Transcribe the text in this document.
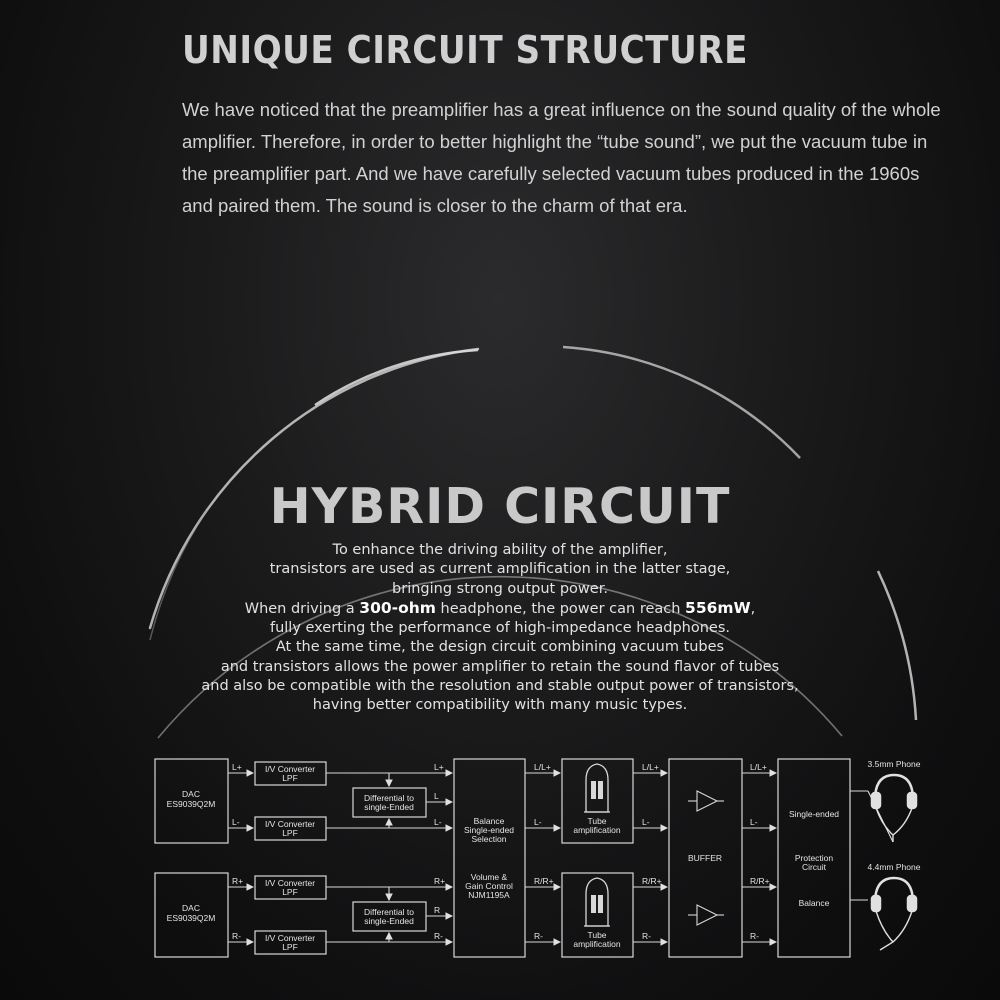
UNIQUE CIRCUIT STRUCTURE

We have noticed that the preamplifier has a great influence on the sound quality of the whole amplifier. Therefore, in order to better highlight the “tube sound”, we put the vacuum tube in the preamplifier part. And we have carefully selected vacuum tubes produced in the 1960s and paired them. The sound is closer to the charm of that era.

HYBRID CIRCUIT
To enhance the driving ability of the amplifier,
transistors are used as current amplification in the latter stage,
bringing strong output power.
When driving a 300-ohm headphone, the power can reach 556mW,
fully exerting the performance of high-impedance headphones.
At the same time, the design circuit combining vacuum tubes
and transistors allows the power amplifier to retain the sound flavor of tubes
and also be compatible with the resolution and stable output power of transistors,
having better compatibility with many music types.
DAC
ES9039Q2M
DAC
ES9039Q2M
I/V Converter
LPF
I/V Converter
LPF
I/V Converter
LPF
I/V Converter
LPF
Differential to
single-Ended
Differential to
single-Ended
Balance
Single-ended
Selection
Volume &
Gain Control
NJM1195A
Tube
amplification
Tube
amplification
BUFFER
Single-ended
Protection
Circuit
Balance
3.5mm Phone
4.4mm Phone
L+
L-
R+
R-
L+
L-
R+
R-
L
R
L/L+
L-
R/R+
R-
L/L+
L-
R/R+
R-
L/L+
L-
R/R+
R-
